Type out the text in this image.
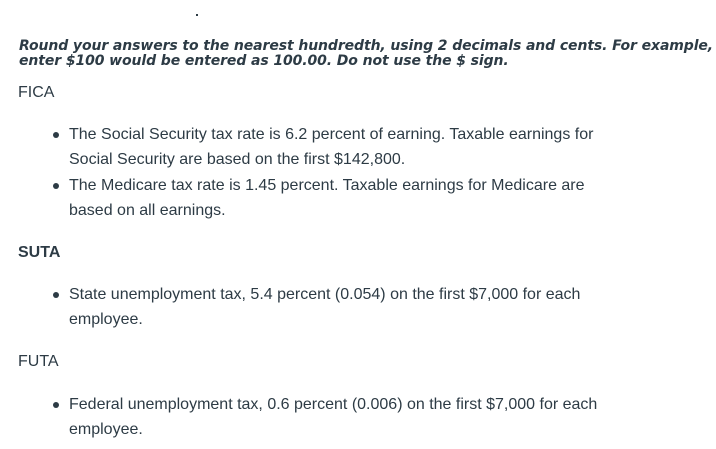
Round your answers to the nearest hundredth, using 2 decimals and cents. For example,
enter $100 would be entered as 100.00. Do not use the $ sign.
FICA
The Social Security tax rate is 6.2 percent of earning. Taxable earnings for
Social Security are based on the first $142,800.
The Medicare tax rate is 1.45 percent. Taxable earnings for Medicare are
based on all earnings.
SUTA
State unemployment tax, 5.4 percent (0.054) on the first $7,000 for each
employee.
FUTA
Federal unemployment tax, 0.6 percent (0.006) on the first $7,000 for each
employee.
